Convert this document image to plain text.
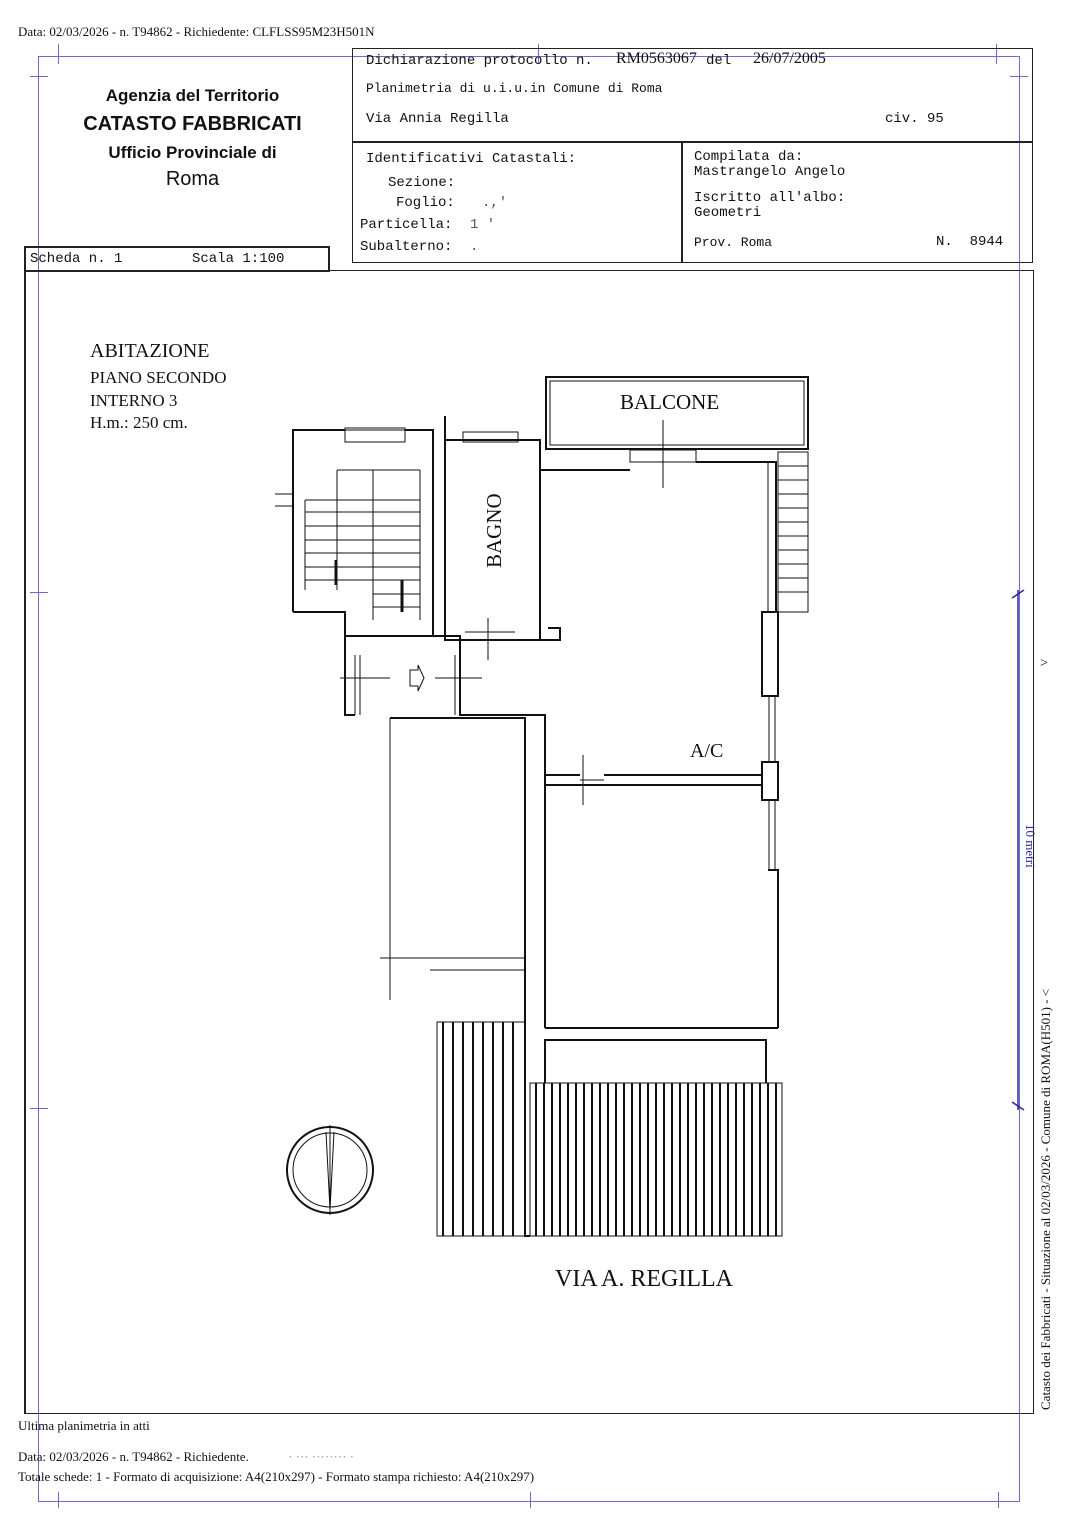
Data: 02/03/2026 - n. T94862 - Richiedente: CLFLSS95M23H501N
Agenzia del Territorio
CATASTO FABBRICATI
Ufficio Provinciale di
Roma
Dichiarazione protocollo n. RM0563067 del 26/07/2005
Planimetria di u.i.u.in Comune di Roma
Via Annia Regilla	civ. 95
Identificativi Catastali:
Sezione:
Foglio: .,'
Particella: 1 '
Subalterno: .
Compilata da:
Mastrangelo Angelo
Iscritto all'albo:
Geometri
Prov. Roma	N.  8944
Scheda n. 1	Scala 1:100
ABITAZIONE
PIANO SECONDO
INTERNO 3
H.m.: 250 cm.
BALCONE
BAGNO
A/C
VIA A. REGILLA
10 metri
Catasto dei Fabbricati - Situazione al 02/03/2026 - Comune di ROMA(H501) - <
>
Ultima planimetria in atti
Data: 02/03/2026 - n. T94862 - Richiedente.	· ··· ········ ·
Totale schede: 1 - Formato di acquisizione: A4(210x297) - Formato stampa richiesto: A4(210x297)
